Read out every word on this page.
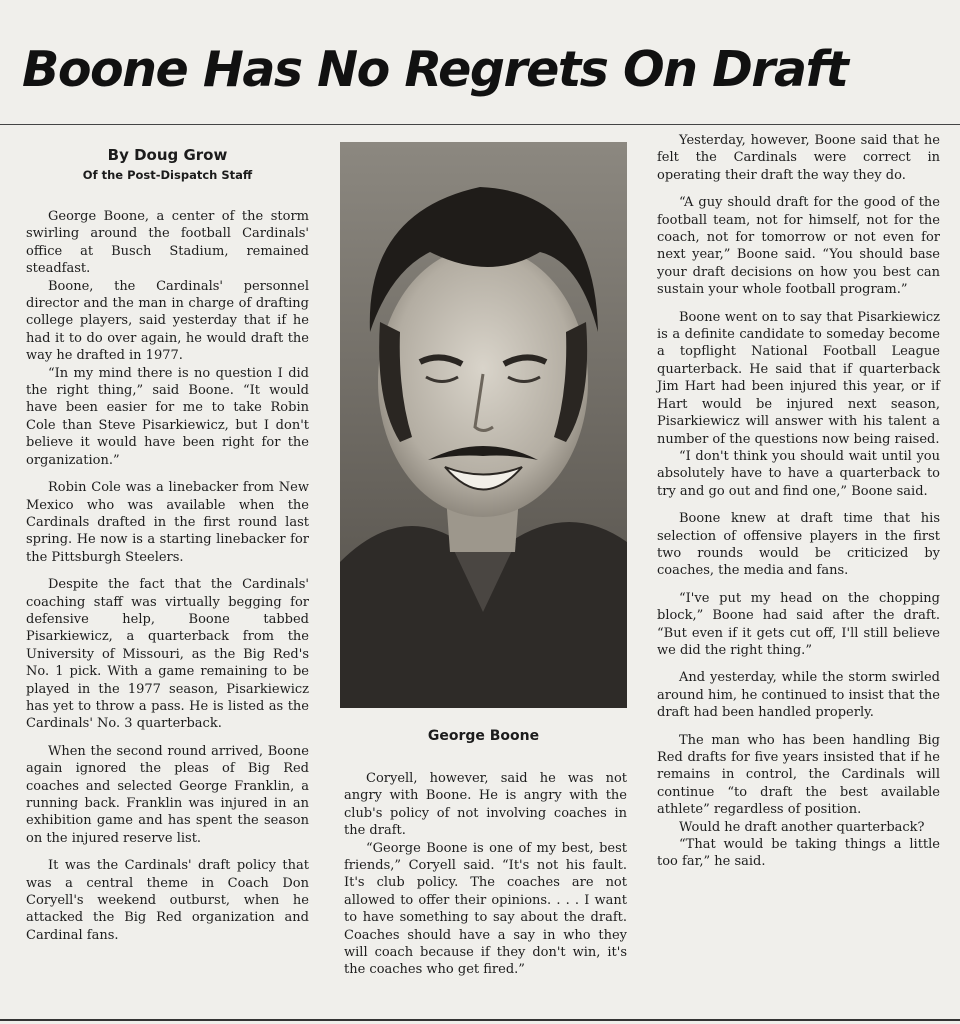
Boone Has No Regrets On Draft
By Doug Grow
Of the Post-Dispatch Staff

George Boone, a center of the storm swirling around the football Cardinals' office at Busch Stadium, remained steadfast.

Boone, the Cardinals' personnel director and the man in charge of drafting college players, said yesterday that if he had it to do over again, he would draft the way he drafted in 1977.

“In my mind there is no question I did the right thing,” said Boone. “It would have been easier for me to take Robin Cole than Steve Pisarkiewicz, but I don't believe it would have been right for the organization.”

Robin Cole was a linebacker from New Mexico who was available when the Cardinals drafted in the first round last spring. He now is a starting linebacker for the Pittsburgh Steelers.

Despite the fact that the Cardinals' coaching staff was virtually begging for defensive help, Boone tabbed Pisarkiewicz, a quarterback from the University of Missouri, as the Big Red's No. 1 pick. With a game remaining to be played in the 1977 season, Pisarkiewicz has yet to throw a pass. He is listed as the Cardinals' No. 3 quarterback.

When the second round arrived, Boone again ignored the pleas of Big Red coaches and selected George Franklin, a running back. Franklin was injured in an exhibition game and has spent the season on the injured reserve list.

It was the Cardinals' draft policy that was a central theme in Coach Don Coryell's weekend outburst, when he attacked the Big Red organization and Cardinal fans.

George Boone

Coryell, however, said he was not angry with Boone. He is angry with the club's policy of not involving coaches in the draft.

“George Boone is one of my best, best friends,” Coryell said. “It's not his fault. It's club policy. The coaches are not allowed to offer their opinions. . . . I want to have something to say about the draft. Coaches should have a say in who they will coach because if they don't win, it's the coaches who get fired.”

Yesterday, however, Boone said that he felt the Cardinals were correct in operating their draft the way they do.

“A guy should draft for the good of the football team, not for himself, not for the coach, not for tomorrow or not even for next year,” Boone said. “You should base your draft decisions on how you best can sustain your whole football program.”

Boone went on to say that Pisarkiewicz is a definite candidate to someday become a topflight National Football League quarterback. He said that if quarterback Jim Hart had been injured this year, or if Hart would be injured next season, Pisarkiewicz will answer with his talent a number of the questions now being raised.

“I don't think you should wait until you absolutely have to have a quarterback to try and go out and find one,” Boone said.

Boone knew at draft time that his selection of offensive players in the first two rounds would be criticized by coaches, the media and fans.

“I've put my head on the chopping block,” Boone had said after the draft. “But even if it gets cut off, I'll still believe we did the right thing.”

And yesterday, while the storm swirled around him, he continued to insist that the draft had been handled properly.

The man who has been handling Big Red drafts for five years insisted that if he remains in control, the Cardinals will continue “to draft the best available athlete” regardless of position.

Would he draft another quarterback?

“That would be taking things a little too far,” he said.
